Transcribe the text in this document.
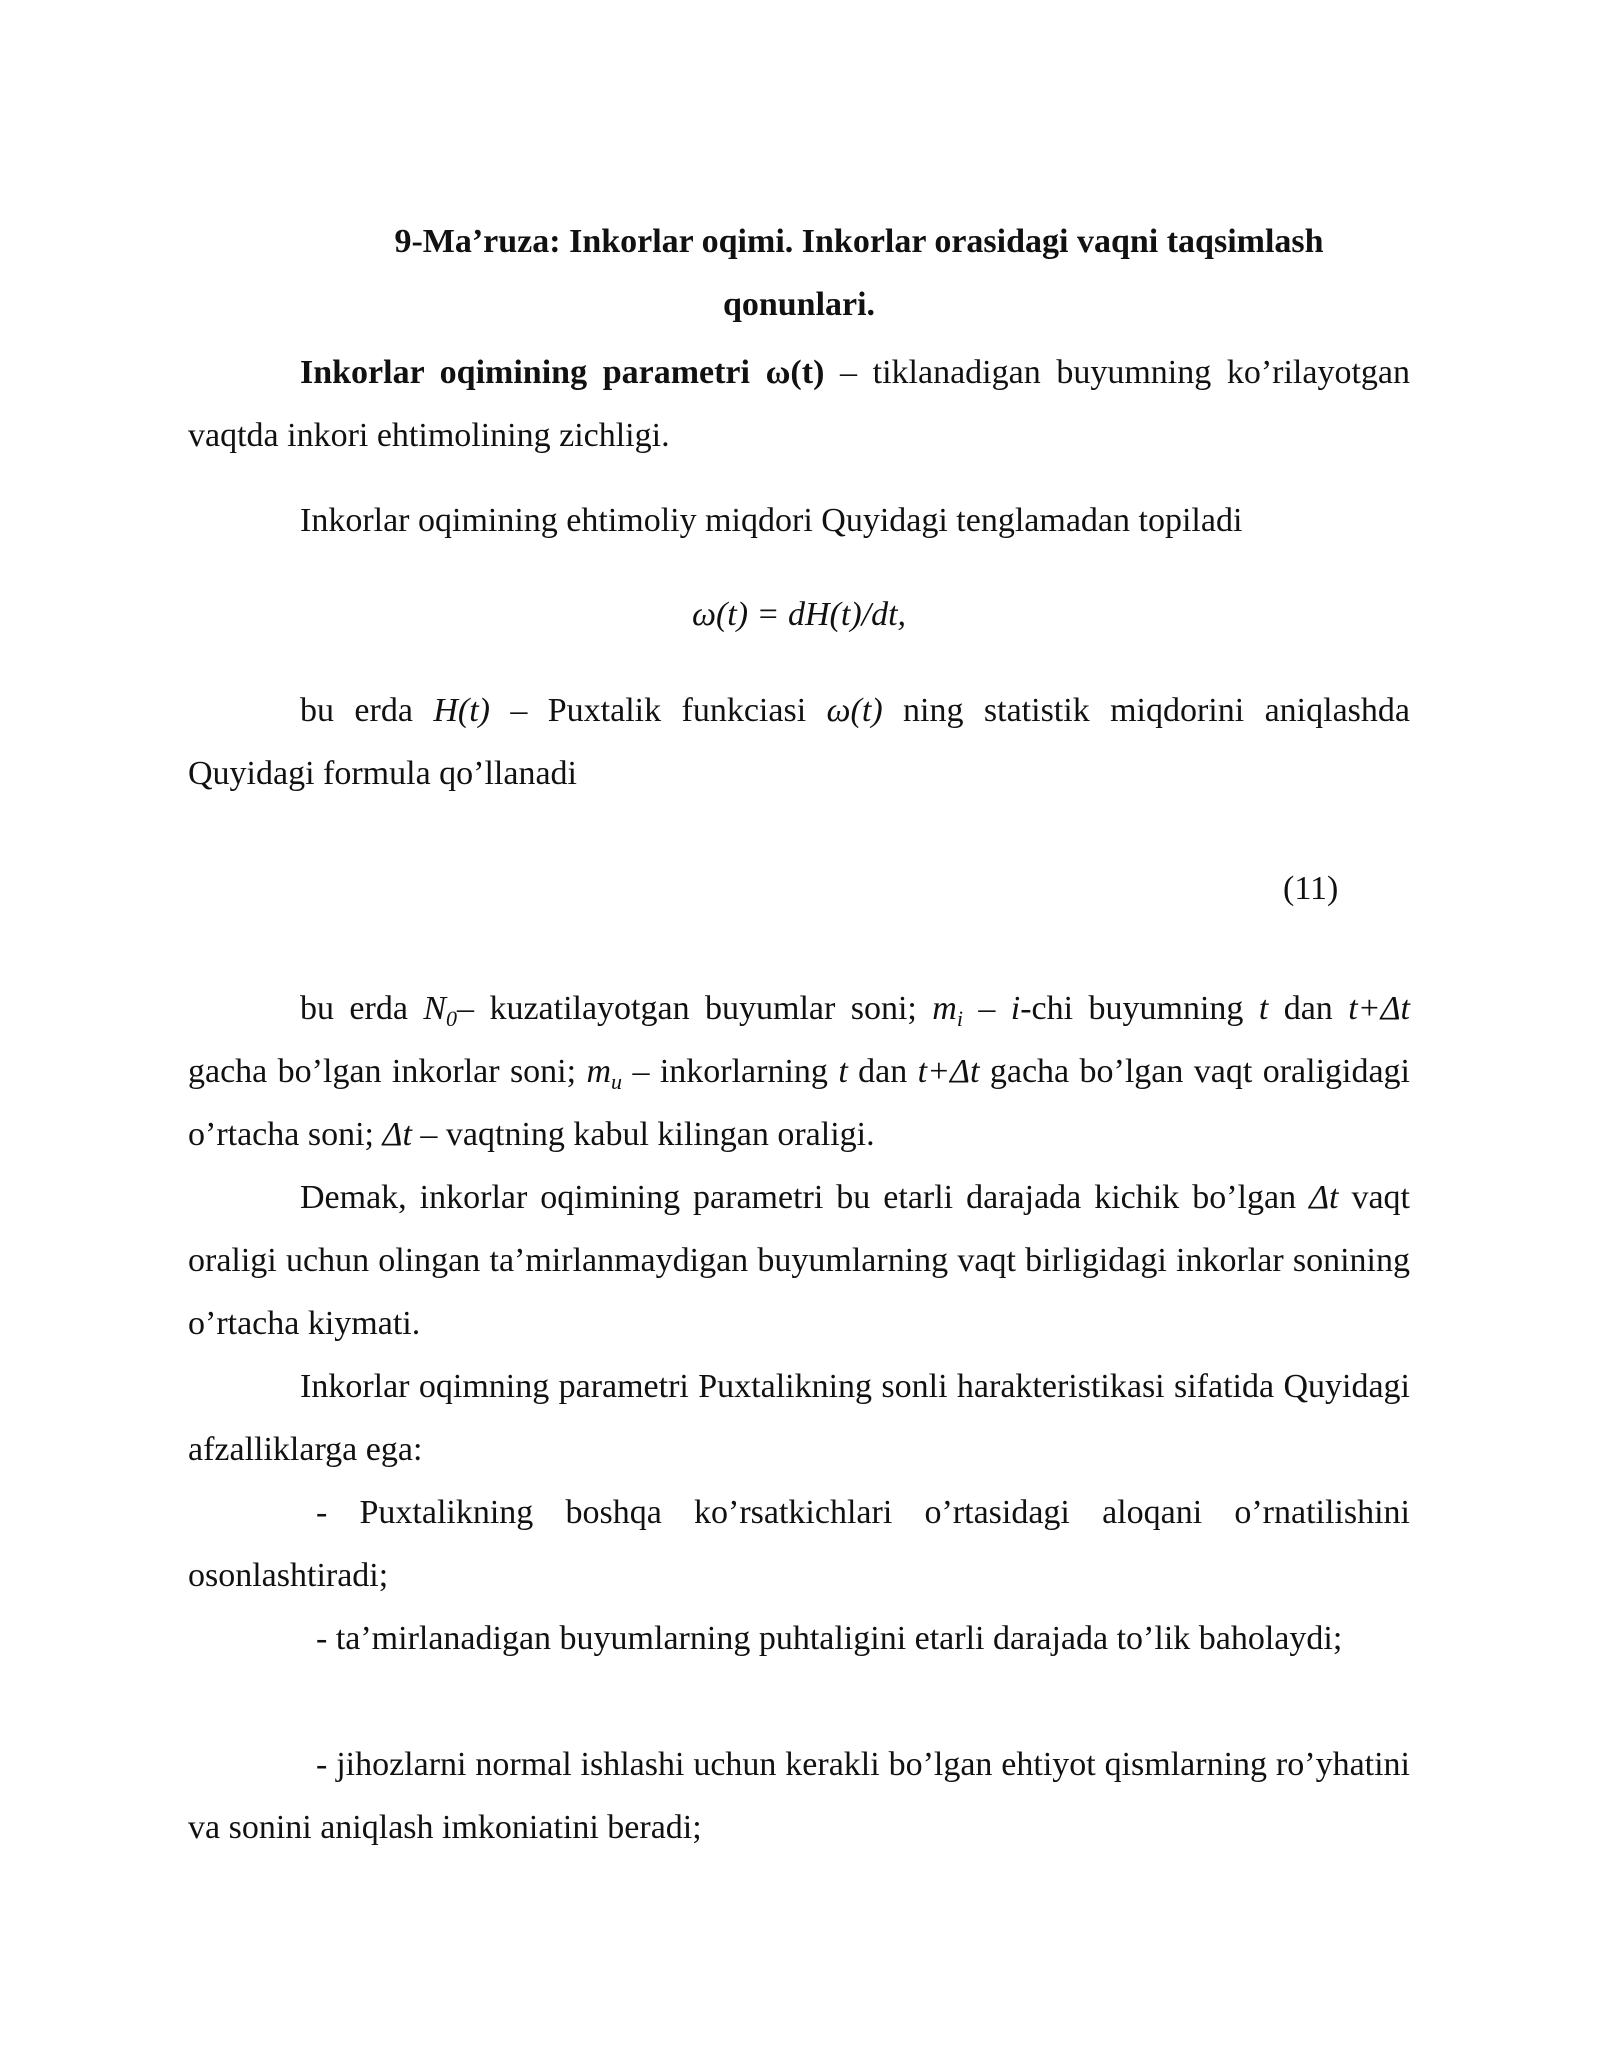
9-Ma’ruza: Inkorlar oqimi. Inkorlar orasidagi vaqni taqsimlash
qonunlari.

Inkorlar oqimining parametri ω(t) – tiklanadigan buyumning ko’rilayotgan vaqtda inkori ehtimolining zichligi.

Inkorlar oqimining ehtimoliy miqdori Quyidagi tenglamadan topiladi

ω(t) = dH(t)/dt,

bu erda H(t) – Puxtalik funkciasi ω(t) ning statistik miqdorini aniqlashda Quyidagi formula qo’llanadi

(11)

bu erda $N_0-$ kuzatilayotgan buyumlar soni; $m_i - i-chi$ buyumning t dan t+Δt gacha bo’lgan inkorlar soni; $m_u$ – inkorlarning t dan t+Δt gacha bo’lgan vaqt oraligidagi o’rtacha soni; Δt – vaqtning kabul kilingan oraligi.

Demak, inkorlar oqimining parametri bu etarli darajada kichik bo’lgan Δt vaqt oraligi uchun olingan ta’mirlanmaydigan buyumlarning vaqt birligidagi inkorlar sonining o’rtacha kiymati.

Inkorlar oqimning parametri Puxtalikning sonli harakteristikasi sifatida Quyidagi afzalliklarga ega:

- Puxtalikning boshqa ko’rsatkichlari o’rtasidagi aloqani o’rnatilishini osonlashtiradi;

- ta’mirlanadigan buyumlarning puhtaligini etarli darajada to’lik baholaydi;

- jihozlarni normal ishlashi uchun kerakli bo’lgan ehtiyot qismlarning ro’yhatini va sonini aniqlash imkoniatini beradi;
